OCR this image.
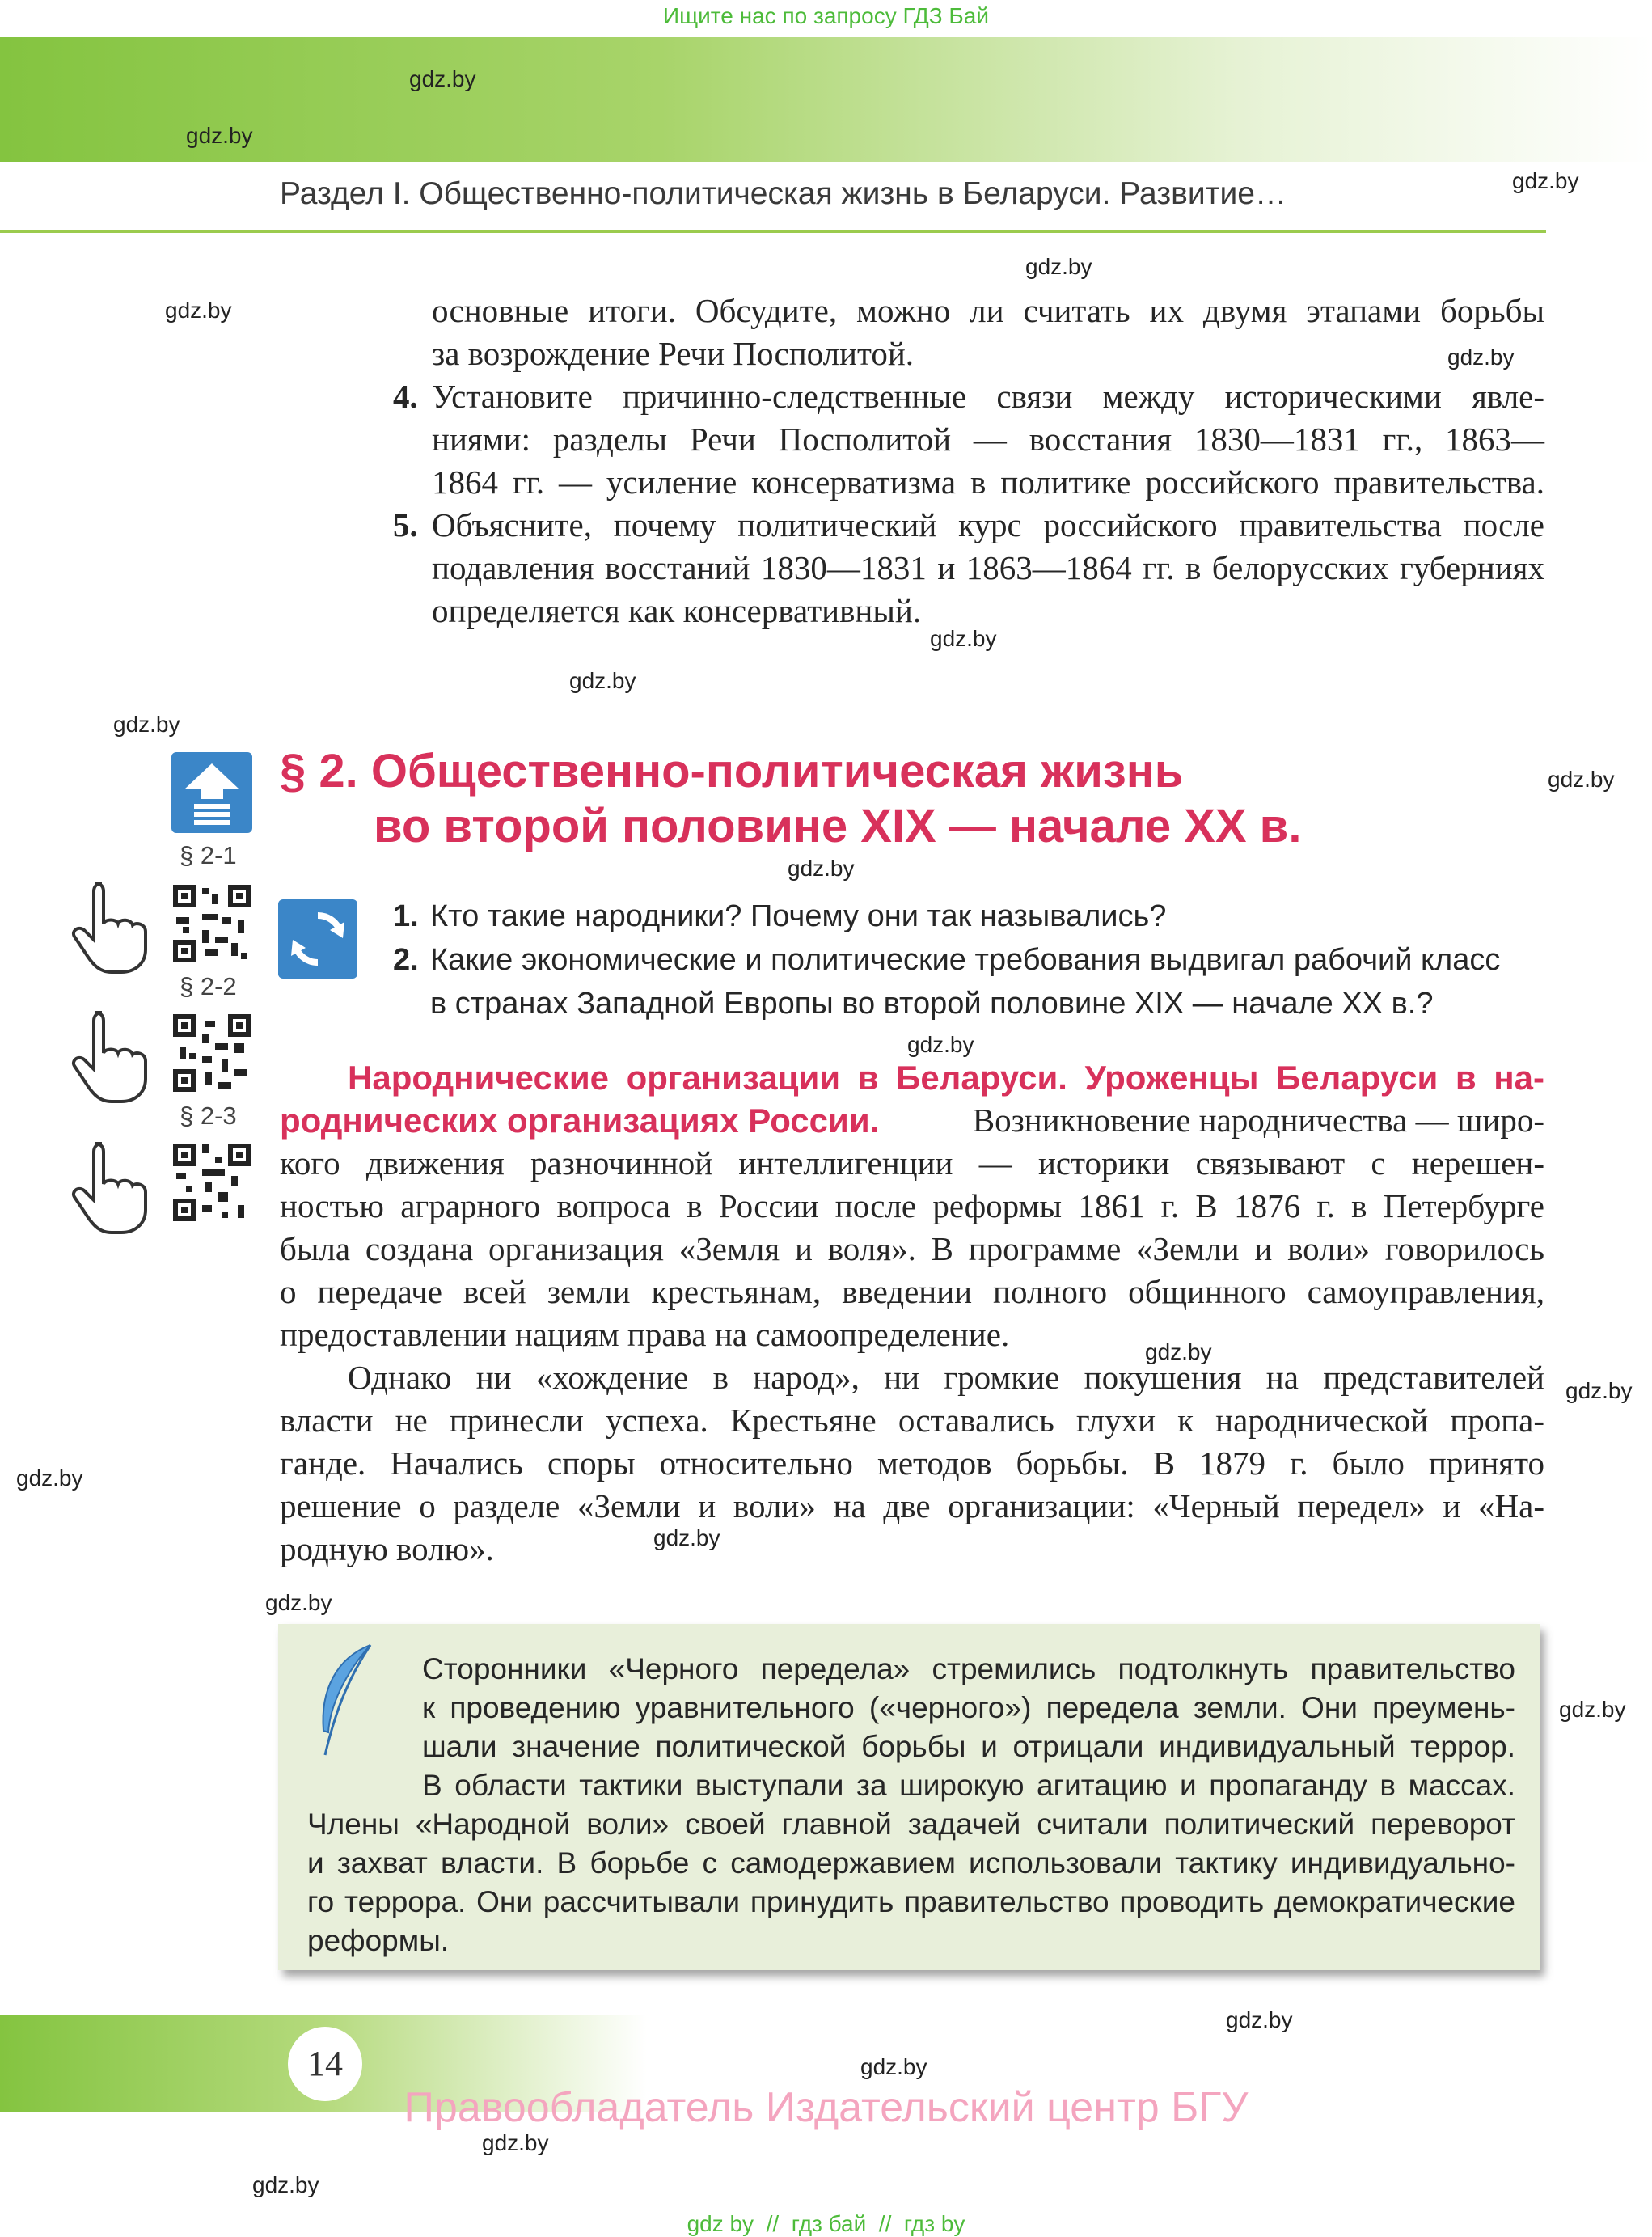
Ищите нас по запросу ГДЗ Бай
Раздел I. Общественно-политическая жизнь в Беларуси. Развитие…
gdz.by
gdz.by
gdz.by
gdz.by
gdz.by
gdz.by
gdz.by
gdz.by
gdz.by
gdz.by
gdz.by
gdz.by
gdz.by
gdz.by
gdz.by
gdz.by
gdz.by
gdz.by
gdz.by
gdz.by
gdz.by
gdz.by
основные итоги. Обсудите, можно ли считать их двумя этапами борьбы
за возрождение Речи Посполитой.
4. Установите причинно-следственные связи между историческими явле-
ниями: разделы Речи Посполитой — восстания 1830—1831 гг., 1863—
1864 гг. — усиление консерватизма в политике российского правительства.
5. Объясните, почему политический курс российского правительства после
подавления восстаний 1830—1831 и 1863—1864 гг. в белорусских губерниях
определяется как консервативный.
§ 2. Общественно-политическая жизнь
во второй половине XIX — начале XX в.
§ 2-1
§ 2-2
§ 2-3
1. Кто такие народники? Почему они так назывались?
2. Какие экономические и политические требования выдвигал рабочий класс
в странах Западной Европы во второй половине XIX — начале XX в.?
Народнические организации в Беларуси. Уроженцы Беларуси в на-
роднических организациях России.	Возникновение народничества — широ-
кого движения разночинной интеллигенции — историки связывают с нерешен-
ностью аграрного вопроса в России после реформы 1861 г. В 1876 г. в Петербурге
была создана организация «Земля и воля». В программе «Земли и воли» говорилось
о передаче всей земли крестьянам, введении полного общинного самоуправления,
предоставлении нациям права на самоопределение.
Однако ни «хождение в народ», ни громкие покушения на представителей
власти не принесли успеха. Крестьяне оставались глухи к народнической пропа-
ганде. Начались споры относительно методов борьбы. В 1879 г. было принято
решение о разделе «Земли и воли» на две организации: «Черный передел» и «На-
родную волю».
Сторонники «Черного передела» стремились подтолкнуть правительство
к проведению уравнительного («черного») передела земли. Они преумень-
шали значение политической борьбы и отрицали индивидуальный террор.
В области тактики выступали за широкую агитацию и пропаганду в массах.
Члены «Народной воли» своей главной задачей считали политический переворот
и захват власти. В борьбе с самодержавием использовали тактику индивидуально-
го террора. Они рассчитывали принудить правительство проводить демократические
реформы.
14
Правообладатель Издательский центр БГУ
gdz by  //  гдз бай  //  гдз by
